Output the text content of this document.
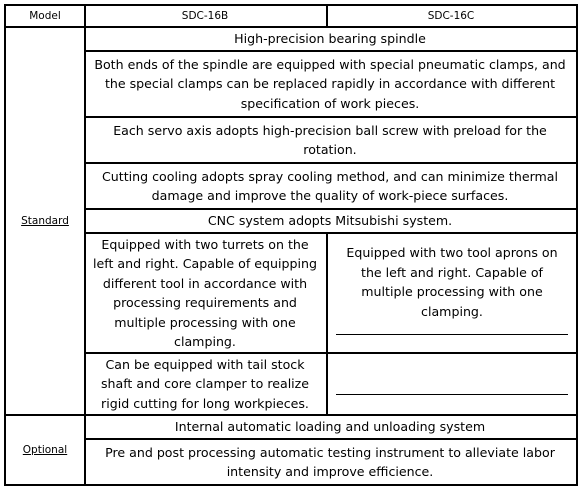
Model	SDC-16B	SDC-16C
Standard
Optional
High-precision bearing spindle
Both ends of the spindle are equipped with special pneumatic clamps, and the special clamps can be replaced rapidly in accordance with different specification of work pieces.
Each servo axis adopts high-precision ball screw with preload for the rotation.
Cutting cooling adopts spray cooling method, and can minimize thermal damage and improve the quality of work-piece surfaces.
CNC system adopts Mitsubishi system.
Equipped with two turrets on the left and right. Capable of equipping different tool in accordance with processing requirements and multiple processing with one clamping.
Equipped with two tool aprons on the left and right. Capable of multiple processing with one clamping.
Can be equipped with tail stock shaft and core clamper to realize rigid cutting for long workpieces.
Internal automatic loading and unloading system
Pre and post processing automatic testing instrument to alleviate labor intensity and improve efficience.
